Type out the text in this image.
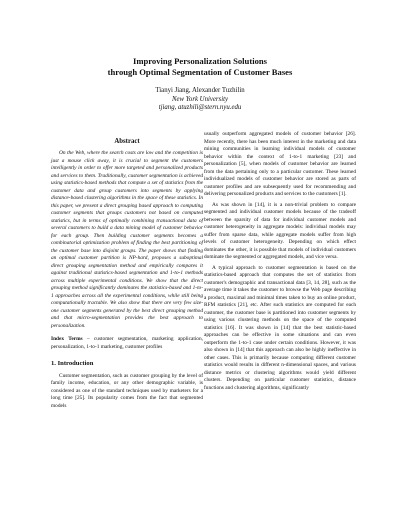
Improving Personalization Solutions
through Optimal Segmentation of Customer Bases
Tianyi Jiang, Alexander Tuzhilin
New York University
tjiang, atuzhili@stern.nyu.edu
Abstract

On the Web, where the search costs are low and the competition is just a mouse click away, it is crucial to segment the customers intelligently in order to offer more targeted and personalized products and services to them. Traditionally, customer segmentation is achieved using statistics-based methods that compute a set of statistics from the customer data and group customers into segments by applying distance-based clustering algorithms in the space of these statistics. In this paper, we present a direct grouping based approach to computing customer segments that groups customers not based on computed statistics, but in terms of optimally combining transactional data of several customers to build a data mining model of customer behavior for each group. Then building customer segments becomes a combinatorial optimization problem of finding the best partitioning of the customer base into disjoint groups. The paper shows that finding an optimal customer partition is NP-hard, proposes a suboptimal direct grouping segmentation method and empirically compares it against traditional statistics-based segmentation and 1-to-1 methods across multiple experimental conditions. We show that the direct grouping method significantly dominates the statistics-based and 1-to-1 approaches across all the experimental conditions, while still being computationally tractable. We also show that there are very few size-one customer segments generated by the best direct grouping method and that micro-segmentation provides the best approach to personalization.

Index Terms – customer segmentation, marketing application, personalization, 1-to-1 marketing, customer profiles

1. Introduction

Customer segmentation, such as customer grouping by the level of family income, education, or any other demographic variable, is considered as one of the standard techniques used by marketers for a long time [25]. Its popularity comes from the fact that segmented models

usually outperform aggregated models of customer behavior [26]. More recently, there has been much interest in the marketing and data mining communities in learning individual models of customer behavior within the context of 1-to-1 marketing [23] and personalization [5], when models of customer behavior are learned from the data pertaining only to a particular customer. These learned individualized models of customer behavior are stored as parts of customer profiles and are subsequently used for recommending and delivering personalized products and services to the customers [1].

As was shown in [14], it is a non-trivial problem to compare segmented and individual customer models because of the tradeoff between the sparsity of data for individual customer models and customer heterogeneity in aggregate models: individual models may suffer from sparse data, while aggregate models suffer from high levels of customer heterogeneity. Depending on which effect dominates the other, it is possible that models of individual customers dominate the segmented or aggregated models, and vice versa.

A typical approach to customer segmentation is based on the statistics-based approach that computes the set of statistics from customer's demographic and transactional data [3, 14, 28], such as the average time it takes the customer to browse the Web page describing a product, maximal and minimal times taken to buy an online product, RFM statistics [21], etc. After such statistics are computed for each customer, the customer base is partitioned into customer segments by using various clustering methods on the space of the computed statistics [16]. It was shown in [14] that the best statistic-based approaches can be effective in some situations and can even outperform the 1-to-1 case under certain conditions. However, it was also shown in [14] that this approach can also be highly ineffective in other cases. This is primarily because computing different customer statistics would results in different n-dimensional spaces, and various distance metrics or clustering algorithms would yield different clusters. Depending on particular customer statistics, distance functions and clustering algorithms, significantly
